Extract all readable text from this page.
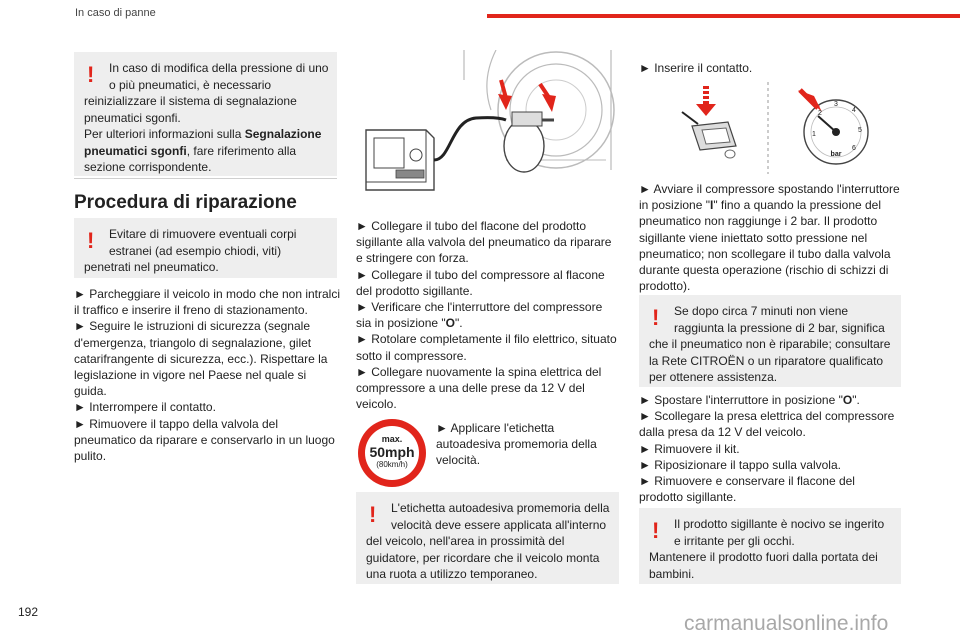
In caso di panne
!	In caso di modifica della pressione di uno o più pneumatici, è necessario reinizializzare il sistema di segnalazione pneumatici sgonfi.

Per ulteriori informazioni sulla Segnalazione pneumatici sgonfi, fare riferimento alla sezione corrispondente.

Procedura di riparazione
!	Evitare di rimuovere eventuali corpi estranei (ad esempio chiodi, viti) penetrati nel pneumatico.

► Parcheggiare il veicolo in modo che non intralci il traffico e inserire il freno di stazionamento.

► Seguire le istruzioni di sicurezza (segnale d'emergenza, triangolo di segnalazione, gilet catarifrangente di sicurezza, ecc.). Rispettare la legislazione in vigore nel Paese nel quale si guida.

► Interrompere il contatto.

► Rimuovere il tappo della valvola del pneumatico da riparare e conservarlo in un luogo pulito.

► Collegare il tubo del flacone del prodotto sigillante alla valvola del pneumatico da riparare e stringere con forza.

► Collegare il tubo del compressore al flacone del prodotto sigillante.

► Verificare che l'interruttore del compressore sia in posizione "O".

► Rotolare completamente il filo elettrico, situato sotto il compressore.

► Collegare nuovamente la spina elettrica del compressore a una delle prese da 12 V del veicolo.

max.
50mph
(80km/h)
► Applicare l'etichetta autoadesiva promemoria della velocità.
!	L'etichetta autoadesiva promemoria della velocità deve essere applicata all'interno del veicolo, nell'area in prossimità del guidatore, per ricordare che il veicolo monta una ruota a utilizzo temporaneo.

► Inserire il contatto.
1
2
3
4
5
6
bar

► Avviare il compressore spostando l'interruttore in posizione "I" fino a quando la pressione del pneumatico non raggiunge i 2 bar. Il prodotto sigillante viene iniettato sotto pressione nel pneumatico; non scollegare il tubo dalla valvola durante questa operazione (rischio di schizzi di prodotto).

!	Se dopo circa 7 minuti non viene raggiunta la pressione di 2 bar, significa che il pneumatico non è riparabile; consultare la Rete CITROËN o un riparatore qualificato per ottenere assistenza.

► Spostare l'interruttore in posizione "O".

► Scollegare la presa elettrica del compressore dalla presa da 12 V del veicolo.

► Rimuovere il kit.

► Riposizionare il tappo sulla valvola.

► Rimuovere e conservare il flacone del prodotto sigillante.

!	Il prodotto sigillante è nocivo se ingerito e irritante per gli occhi.

Mantenere il prodotto fuori dalla portata dei bambini.

192	carmanualsonline.info
